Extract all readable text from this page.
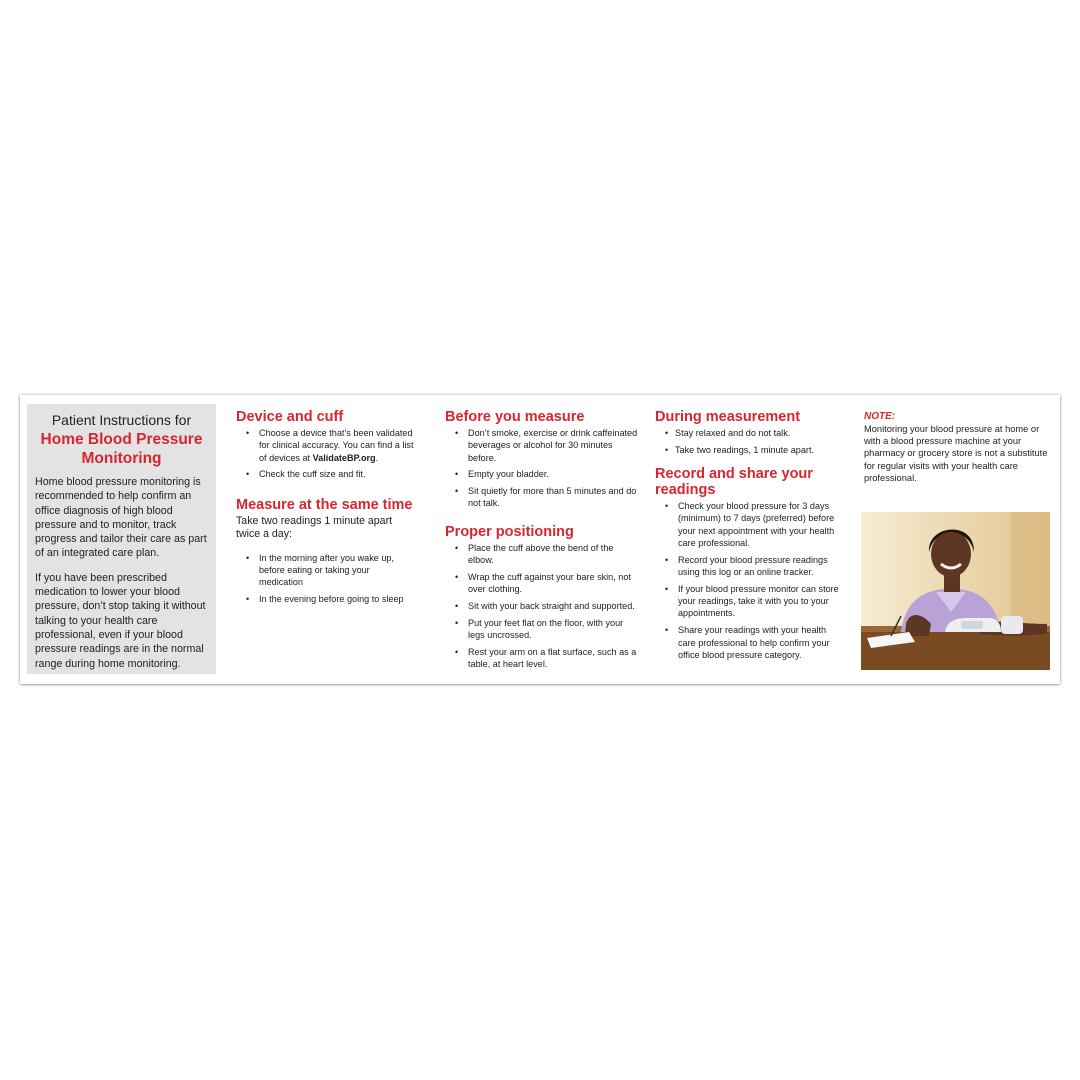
Patient Instructions for
Home Blood Pressure Monitoring

Home blood pressure monitoring is recommended to help confirm an office diagnosis of high blood pressure and to monitor, track progress and tailor their care as part of an integrated care plan.

If you have been prescribed medication to lower your blood pressure, don’t stop taking it without talking to your health care professional, even if your blood pressure readings are in the normal range during home monitoring.

Device and cuff
• Choose a device that’s been validated for clinical accuracy. You can find a list of devices at ValidateBP.org.
• Check the cuff size and fit.
Measure at the same time

Take two readings 1 minute apart twice a day:

• In the morning after you wake up, before eating or taking your medication
• In the evening before going to sleep
Before you measure
• Don’t smoke, exercise or drink caffeinated beverages or alcohol for 30 minutes before.
• Empty your bladder.
• Sit quietly for more than 5 minutes and do not talk.
Proper positioning
• Place the cuff above the bend of the elbow.
• Wrap the cuff against your bare skin, not over clothing.
• Sit with your back straight and supported.
• Put your feet flat on the floor, with your legs uncrossed.
• Rest your arm on a flat surface, such as a table, at heart level.
During measurement
• Stay relaxed and do not talk.
• Take two readings, 1 minute apart.
Record and share your readings
• Check your blood pressure for 3 days (minimum) to 7 days (preferred) before your next appointment with your health care professional.
• Record your blood pressure readings using this log or an online tracker.
• If your blood pressure monitor can store your readings, take it with you to your appointments.
• Share your readings with your health care professional to help confirm your office blood pressure category.
NOTE:

Monitoring your blood pressure at home or with a blood pressure machine at your pharmacy or grocery store is not a substitute for regular visits with your health care professional.
